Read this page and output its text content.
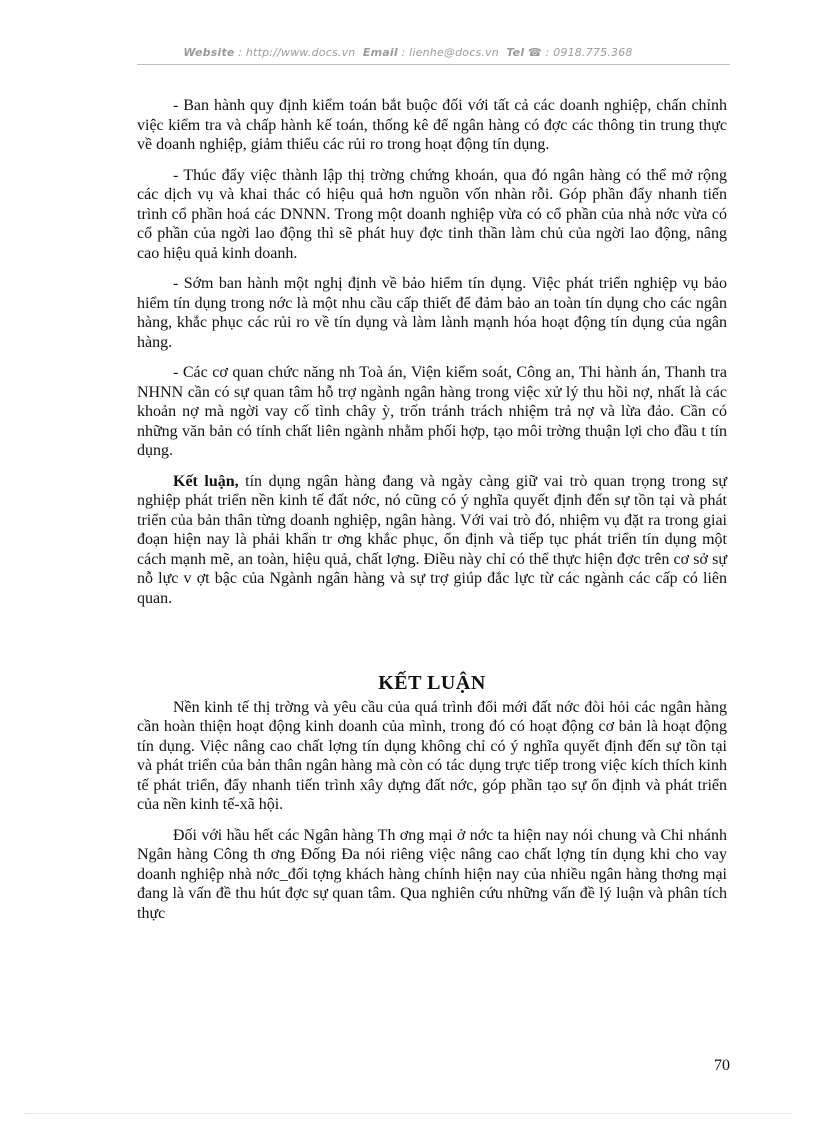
Website : http://www.docs.vn Email : lienhe@docs.vn Tel ☎ : 0918.775.368

- Ban hành quy định kiểm toán bắt buộc đối với tất cả các doanh nghiệp, chấn chỉnh việc kiểm tra và chấp hành kế toán, thống kê để ngân hàng có đợc các thông tin trung thực về doanh nghiệp, giảm thiểu các rủi ro trong hoạt động tín dụng.

- Thúc đẩy việc thành lập thị trờng chứng khoán, qua đó ngân hàng có thể mở rộng các dịch vụ và khai thác có hiệu quả hơn nguồn vốn nhàn rỗi. Góp phần đẩy nhanh tiến trình cổ phần hoá các DNNN. Trong một doanh nghiệp vừa có cổ phần của nhà nớc vừa có cổ phần của ngời lao động thì sẽ phát huy đợc tinh thần làm chủ của ngời lao động, nâng cao hiệu quả kinh doanh.

- Sớm ban hành một nghị định về bảo hiểm tín dụng. Việc phát triển nghiệp vụ bảo hiểm tín dụng trong nớc là một nhu cầu cấp thiết để đảm bảo an toàn tín dụng cho các ngân hàng, khắc phục các rủi ro về tín dụng và làm lành mạnh hóa hoạt động tín dụng của ngân hàng.

- Các cơ quan chức năng nh Toà án, Viện kiểm soát, Công an, Thi hành án, Thanh tra NHNN cần có sự quan tâm hỗ trợ ngành ngân hàng trong việc xử lý thu hồi nợ, nhất là các khoản nợ mà ngời vay cố tình chây ỳ, trốn tránh trách nhiệm trả nợ và lừa đảo. Cần có những văn bản có tính chất liên ngành nhằm phối hợp, tạo môi trờng thuận lợi cho đầu t tín dụng.

Kết luận, tín dụng ngân hàng đang và ngày càng giữ vai trò quan trọng trong sự nghiệp phát triển nền kinh tế đất nớc, nó cũng có ý nghĩa quyết định đến sự tồn tại và phát triển của bản thân từng doanh nghiệp, ngân hàng. Với vai trò đó, nhiệm vụ đặt ra trong giai đoạn hiện nay là phải khẩn tr ơng khắc phục, ổn định và tiếp tục phát triển tín dụng một cách mạnh mẽ, an toàn, hiệu quả, chất lợng. Điều này chỉ có thể thực hiện đợc trên cơ sở sự nỗ lực v ợt bậc của Ngành ngân hàng và sự trợ giúp đắc lực từ các ngành các cấp có liên quan.

KẾT LUẬN

Nền kinh tế thị trờng và yêu cầu của quá trình đổi mới đất nớc đòi hỏi các ngân hàng cần hoàn thiện hoạt động kinh doanh của mình, trong đó có hoạt động cơ bản là hoạt động tín dụng. Việc nâng cao chất lợng tín dụng không chỉ có ý nghĩa quyết định đến sự tồn tại và phát triển của bản thân ngân hàng mà còn có tác dụng trực tiếp trong việc kích thích kinh tế phát triển, đẩy nhanh tiến trình xây dựng đất nớc, góp phần tạo sự ổn định và phát triển của nền kinh tế-xã hội.

Đối với hầu hết các Ngân hàng Th ơng mại ở nớc ta hiện nay nói chung và Chi nhánh Ngân hàng Công th ơng Đống Đa nói riêng việc nâng cao chất lợng tín dụng khi cho vay doanh nghiệp nhà nớc_đối tợng khách hàng chính hiện nay của nhiều ngân hàng thơng mại đang là vấn đề thu hút đợc sự quan tâm. Qua nghiên cứu những vấn đề lý luận và phân tích thực

70
